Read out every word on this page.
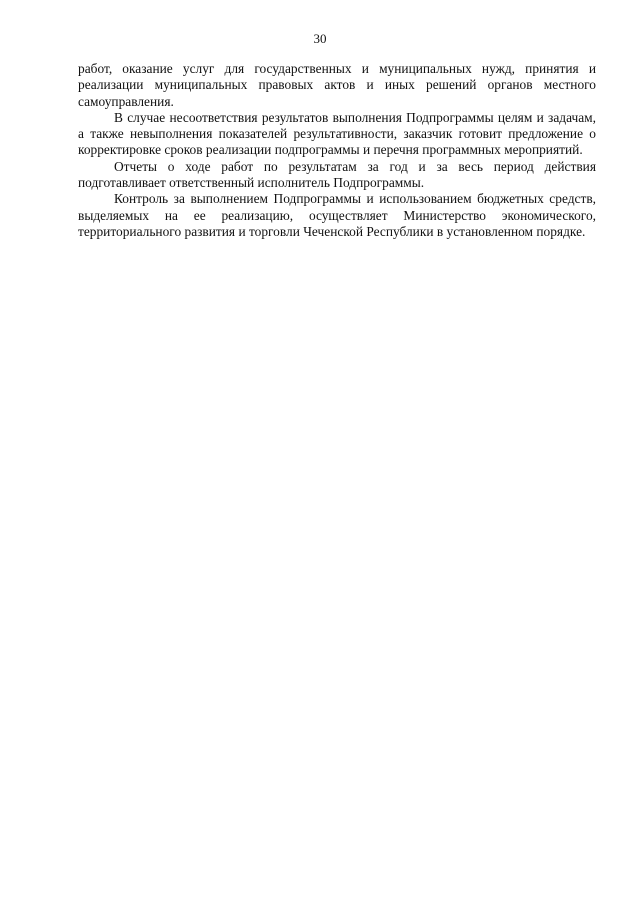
30

работ, оказание услуг для государственных и муниципальных нужд, принятия и реализации муниципальных правовых актов и иных решений органов местного самоуправления.

В случае несоответствия результатов выполнения Подпрограммы целям и задачам, а также невыполнения показателей результативности, заказчик готовит предложение о корректировке сроков реализации подпрограммы и перечня программных мероприятий.

Отчеты о ходе работ по результатам за год и за весь период действия подготавливает ответственный исполнитель Подпрограммы.

Контроль за выполнением Подпрограммы и использованием бюджетных средств, выделяемых на ее реализацию, осуществляет Министерство экономического, территориального развития и торговли Чеченской Республики в установленном порядке.
